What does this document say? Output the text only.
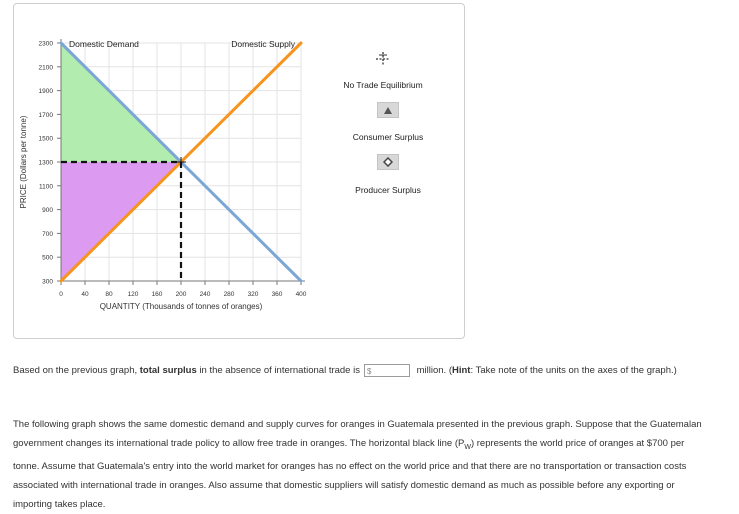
300
500
700
900
1100
1300
1500
1700
1900
2100
2300
0	40	80 120 160 200 240 280 320 360 400
Domestic Demand	Domestic Supply
QUANTITY (Thousands of tonnes of oranges)
PRICE (Dollars per tonne)
No Trade Equilibrium
Consumer Surplus
Producer Surplus
Based on the previous graph, total surplus in the absence of international trade is $	million. (Hint: Take note of the units on the axes of the graph.)
The following graph shows the same domestic demand and supply curves for oranges in Guatemala presented in the previous graph. Suppose that the Guatemalan government changes its international trade policy to allow free trade in oranges. The horizontal black line $(P_W)$ represents the world price of oranges at $700 per tonne. Assume that Guatemala's entry into the world market for oranges has no effect on the world price and that there are no transportation or transaction costs associated with international trade in oranges. Also assume that domestic suppliers will satisfy domestic demand as much as possible before any exporting or importing takes place.
